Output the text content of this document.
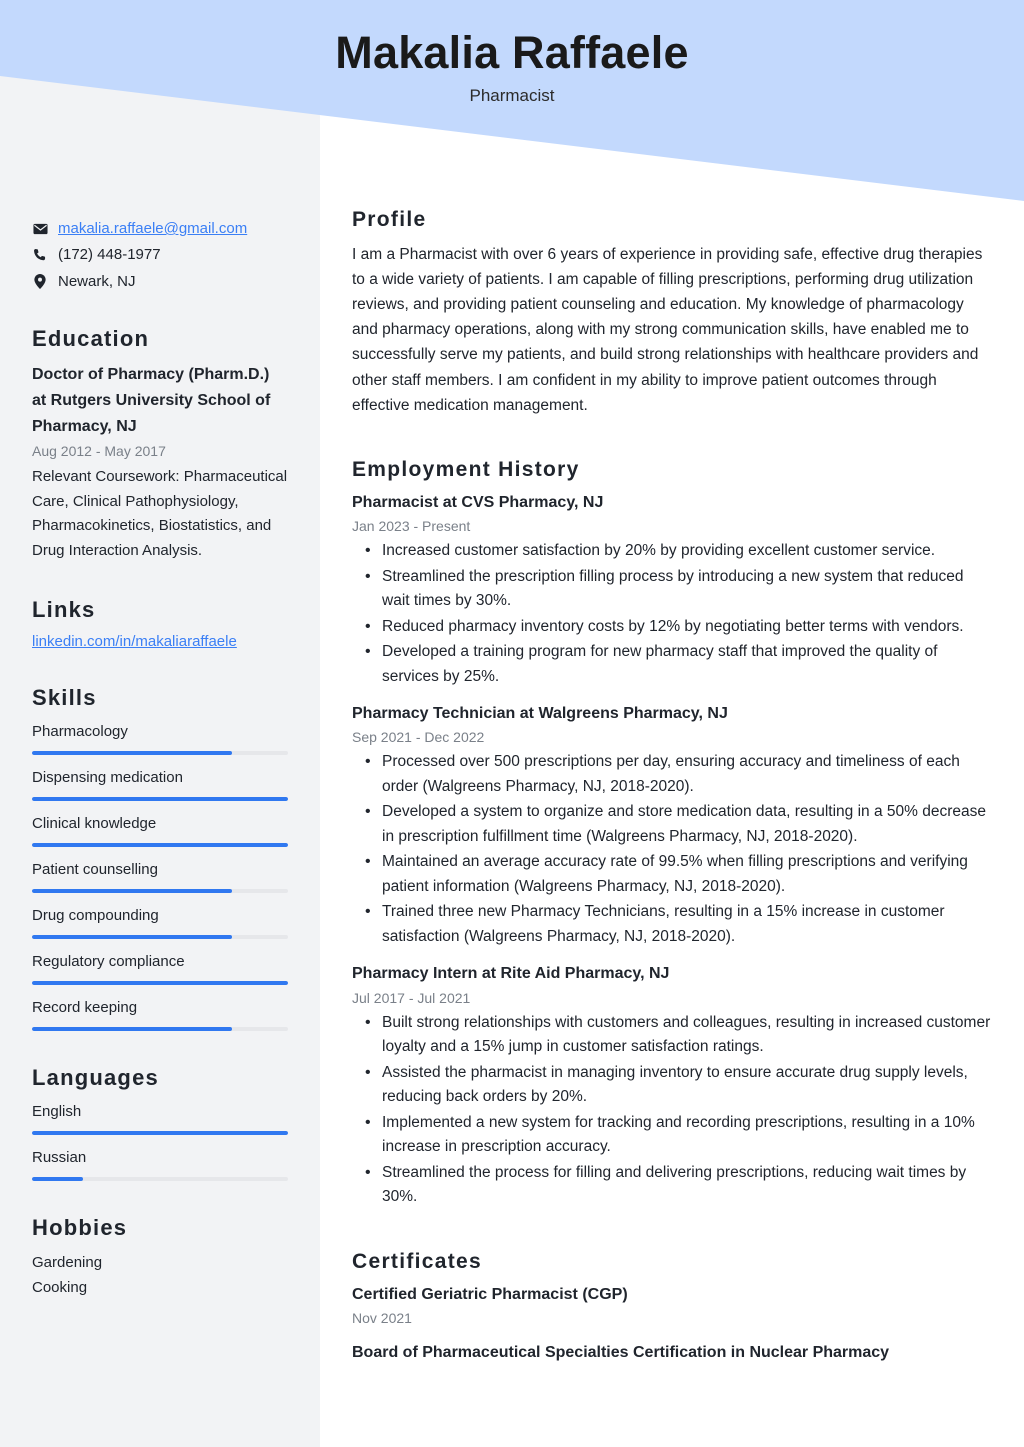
Makalia Raffaele
Pharmacist
makalia.raffaele@gmail.com
(172) 448-1977
Newark, NJ
Education
Doctor of Pharmacy (Pharm.D.) at Rutgers University School of Pharmacy, NJ
Aug 2012 - May 2017
Relevant Coursework: Pharmaceutical Care, Clinical Pathophysiology, Pharmacokinetics, Biostatistics, and Drug Interaction Analysis.
Links
linkedin.com/in/makaliaraffaele
Skills
Pharmacology
Dispensing medication
Clinical knowledge
Patient counselling
Drug compounding
Regulatory compliance
Record keeping
Languages
English
Russian
Hobbies
Gardening
Cooking
Profile
I am a Pharmacist with over 6 years of experience in providing safe, effective drug therapies to a wide variety of patients. I am capable of filling prescriptions, performing drug utilization reviews, and providing patient counseling and education. My knowledge of pharmacology and pharmacy operations, along with my strong communication skills, have enabled me to successfully serve my patients, and build strong relationships with healthcare providers and other staff members. I am confident in my ability to improve patient outcomes through effective medication management.
Employment History
Pharmacist at CVS Pharmacy, NJ
Jan 2023 - Present
• Increased customer satisfaction by 20% by providing excellent customer service.
• Streamlined the prescription filling process by introducing a new system that reduced wait times by 30%.
• Reduced pharmacy inventory costs by 12% by negotiating better terms with vendors.
• Developed a training program for new pharmacy staff that improved the quality of services by 25%.
Pharmacy Technician at Walgreens Pharmacy, NJ
Sep 2021 - Dec 2022
• Processed over 500 prescriptions per day, ensuring accuracy and timeliness of each order (Walgreens Pharmacy, NJ, 2018-2020).
• Developed a system to organize and store medication data, resulting in a 50% decrease in prescription fulfillment time (Walgreens Pharmacy, NJ, 2018-2020).
• Maintained an average accuracy rate of 99.5% when filling prescriptions and verifying patient information (Walgreens Pharmacy, NJ, 2018-2020).
• Trained three new Pharmacy Technicians, resulting in a 15% increase in customer satisfaction (Walgreens Pharmacy, NJ, 2018-2020).
Pharmacy Intern at Rite Aid Pharmacy, NJ
Jul 2017 - Jul 2021
• Built strong relationships with customers and colleagues, resulting in increased customer loyalty and a 15% jump in customer satisfaction ratings.
• Assisted the pharmacist in managing inventory to ensure accurate drug supply levels, reducing back orders by 20%.
• Implemented a new system for tracking and recording prescriptions, resulting in a 10% increase in prescription accuracy.
• Streamlined the process for filling and delivering prescriptions, reducing wait times by 30%.
Certificates
Certified Geriatric Pharmacist (CGP)
Nov 2021
Board of Pharmaceutical Specialties Certification in Nuclear Pharmacy
